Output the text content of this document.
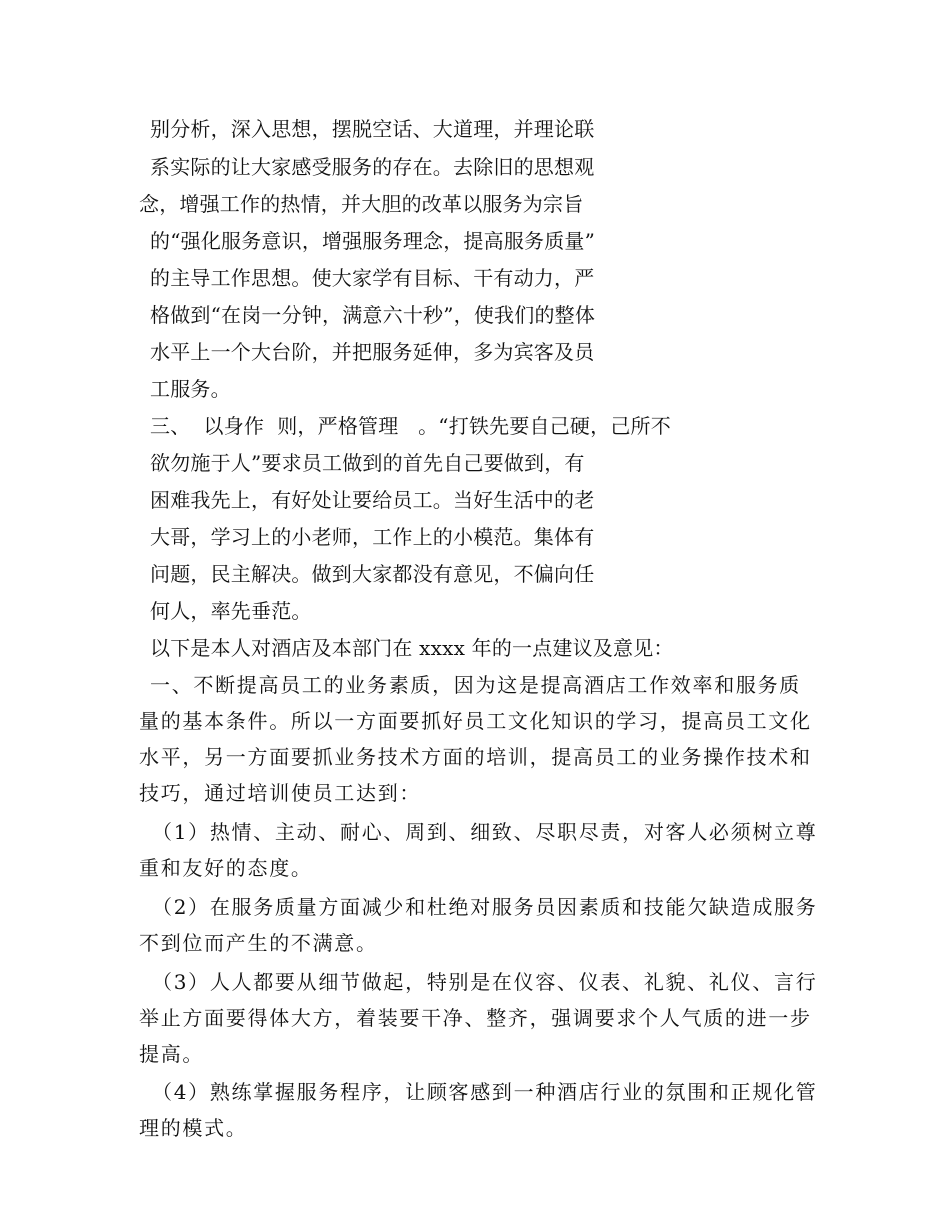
别分析，深入思想，摆脱空话、大道理，并理论联

系实际的让大家感受服务的存在。去除旧的思想观

念，增强工作的热情，并大胆的改革以服务为宗旨

的“强化服务意识，增强服务理念，提高服务质量”

的主导工作思想。使大家学有目标、干有动力，严

格做到“在岗一分钟，满意六十秒”，使我们的整体

水平上一个大台阶，并把服务延伸，多为宾客及员

工服务。

三、  以身作  则，严格管理   。“打铁先要自己硬，己所不

欲勿施于人”要求员工做到的首先自己要做到，有

困难我先上，有好处让要给员工。当好生活中的老

大哥，学习上的小老师，工作上的小模范。集体有

问题，民主解决。做到大家都没有意见，不偏向任

何人，率先垂范。

以下是本人对酒店及本部门在 xxxx 年的一点建议及意见：

一、不断提高员工的业务素质，因为这是提高酒店工作效率和服务质

量的基本条件。所以一方面要抓好员工文化知识的学习，提高员工文化

水平，另一方面要抓业务技术方面的培训，提高员工的业务操作技术和

技巧，通过培训使员工达到：

（1）热情、主动、耐心、周到、细致、尽职尽责，对客人必须树立尊

重和友好的态度。

（2）在服务质量方面减少和杜绝对服务员因素质和技能欠缺造成服务

不到位而产生的不满意。

（3）人人都要从细节做起，特别是在仪容、仪表、礼貌、礼仪、言行

举止方面要得体大方，着装要干净、整齐，强调要求个人气质的进一步

提高。

（4）熟练掌握服务程序，让顾客感到一种酒店行业的氛围和正规化管

理的模式。
